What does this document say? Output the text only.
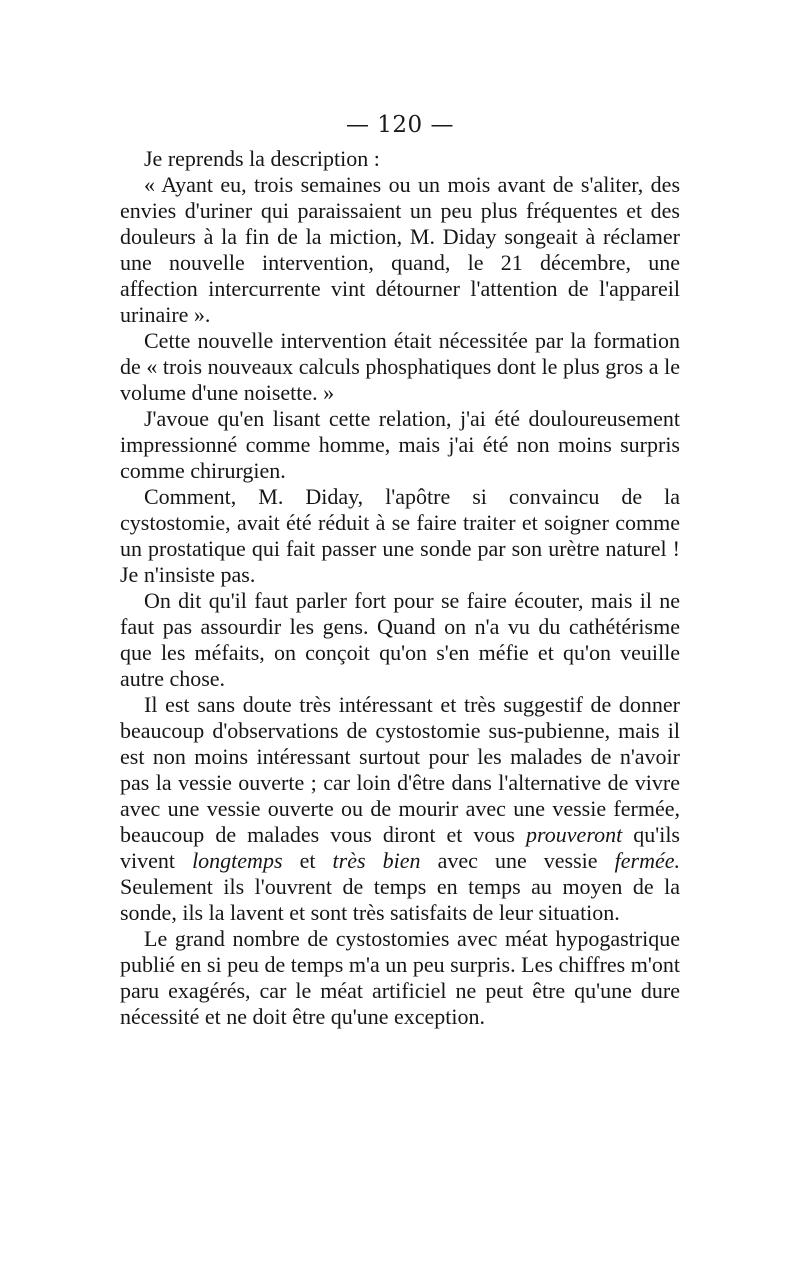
— 120 —

Je reprends la description :

« Ayant eu, trois semaines ou un mois avant de s'aliter, des envies d'uriner qui paraissaient un peu plus fréquentes et des douleurs à la fin de la miction, M. Diday songeait à réclamer une nouvelle intervention, quand, le 21 décembre, une affection intercurrente vint détourner l'attention de l'appareil urinaire ».

Cette nouvelle intervention était nécessitée par la formation de « trois nouveaux calculs phosphatiques dont le plus gros a le volume d'une noisette. »

J'avoue qu'en lisant cette relation, j'ai été douloureusement impressionné comme homme, mais j'ai été non moins surpris comme chirurgien.

Comment, M. Diday, l'apôtre si convaincu de la cystostomie, avait été réduit à se faire traiter et soigner comme un prostatique qui fait passer une sonde par son urètre naturel ! Je n'insiste pas.

On dit qu'il faut parler fort pour se faire écouter, mais il ne faut pas assourdir les gens. Quand on n'a vu du cathétérisme que les méfaits, on conçoit qu'on s'en méfie et qu'on veuille autre chose.

Il est sans doute très intéressant et très suggestif de donner beaucoup d'observations de cystostomie sus-pubienne, mais il est non moins intéressant surtout pour les malades de n'avoir pas la vessie ouverte ; car loin d'être dans l'alternative de vivre avec une vessie ouverte ou de mourir avec une vessie fermée, beaucoup de malades vous diront et vous prouveront qu'ils vivent longtemps et très bien avec une vessie fermée. Seulement ils l'ouvrent de temps en temps au moyen de la sonde, ils la lavent et sont très satisfaits de leur situation.

Le grand nombre de cystostomies avec méat hypogastrique publié en si peu de temps m'a un peu surpris. Les chiffres m'ont paru exagérés, car le méat artificiel ne peut être qu'une dure nécessité et ne doit être qu'une exception.
